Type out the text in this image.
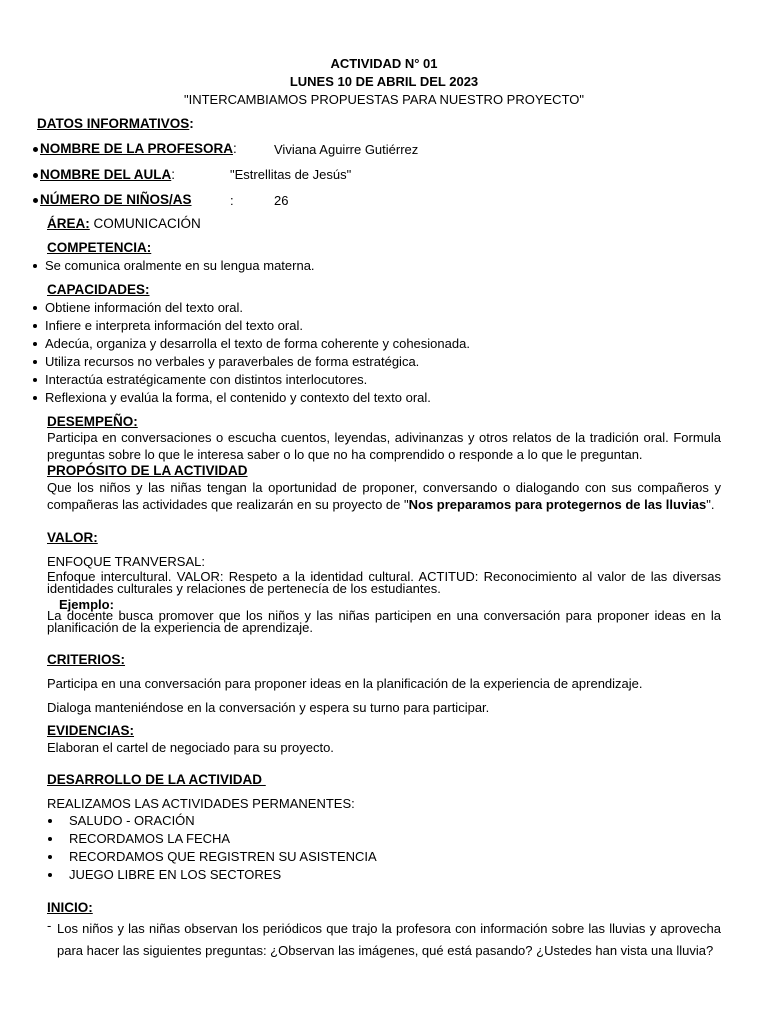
ACTIVIDAD N° 01
LUNES 10 DE ABRIL DEL 2023
"INTERCAMBIAMOS PROPUESTAS PARA NUESTRO PROYECTO"
DATOS INFORMATIVOS:
NOMBRE DE LA PROFESORA:	Viviana Aguirre Gutiérrez
NOMBRE DEL AULA:	"Estrellitas de Jesús"
NÚMERO DE NIÑOS/AS	:	26
ÁREA: COMUNICACIÓN
COMPETENCIA:
Se comunica oralmente en su lengua materna.
CAPACIDADES:
Obtiene información del texto oral.
Infiere e interpreta información del texto oral.
Adecúa, organiza y desarrolla el texto de forma coherente y cohesionada.
Utiliza recursos no verbales y paraverbales de forma estratégica.
Interactúa estratégicamente con distintos interlocutores.
Reflexiona y evalúa la forma, el contenido y contexto del texto oral.
DESEMPEÑO:
Participa en conversaciones o escucha cuentos, leyendas, adivinanzas y otros relatos de la tradición oral. Formula preguntas sobre lo que le interesa saber o lo que no ha comprendido o responde a lo que le preguntan.
PROPÓSITO DE LA ACTIVIDAD
Que los niños y las niñas tengan la oportunidad de proponer, conversando o dialogando con sus compañeros y compañeras las actividades que realizarán en su proyecto de "Nos preparamos para protegernos de las lluvias".
VALOR:
ENFOQUE TRANVERSAL:
Enfoque intercultural. VALOR: Respeto a la identidad cultural. ACTITUD: Reconocimiento al valor de las diversas identidades culturales y relaciones de pertenecía de los estudiantes.
Ejemplo:
La docente busca promover que los niños y las niñas participen en una conversación para proponer ideas en la planificación de la experiencia de aprendizaje.
CRITERIOS:
Participa en una conversación para proponer ideas en la planificación de la experiencia de aprendizaje.
Dialoga manteniéndose en la conversación y espera su turno para participar.
EVIDENCIAS:
Elaboran el cartel de negociado para su proyecto.
DESARROLLO DE LA ACTIVIDAD
REALIZAMOS LAS ACTIVIDADES PERMANENTES:
SALUDO - ORACIÓN
RECORDAMOS LA FECHA
RECORDAMOS QUE REGISTREN SU ASISTENCIA
JUEGO LIBRE EN LOS SECTORES
INICIO:
- Los niños y las niñas observan los periódicos que trajo la profesora con información sobre las lluvias y aprovecha para hacer las siguientes preguntas: ¿Observan las imágenes, qué está pasando? ¿Ustedes han vista una lluvia?
